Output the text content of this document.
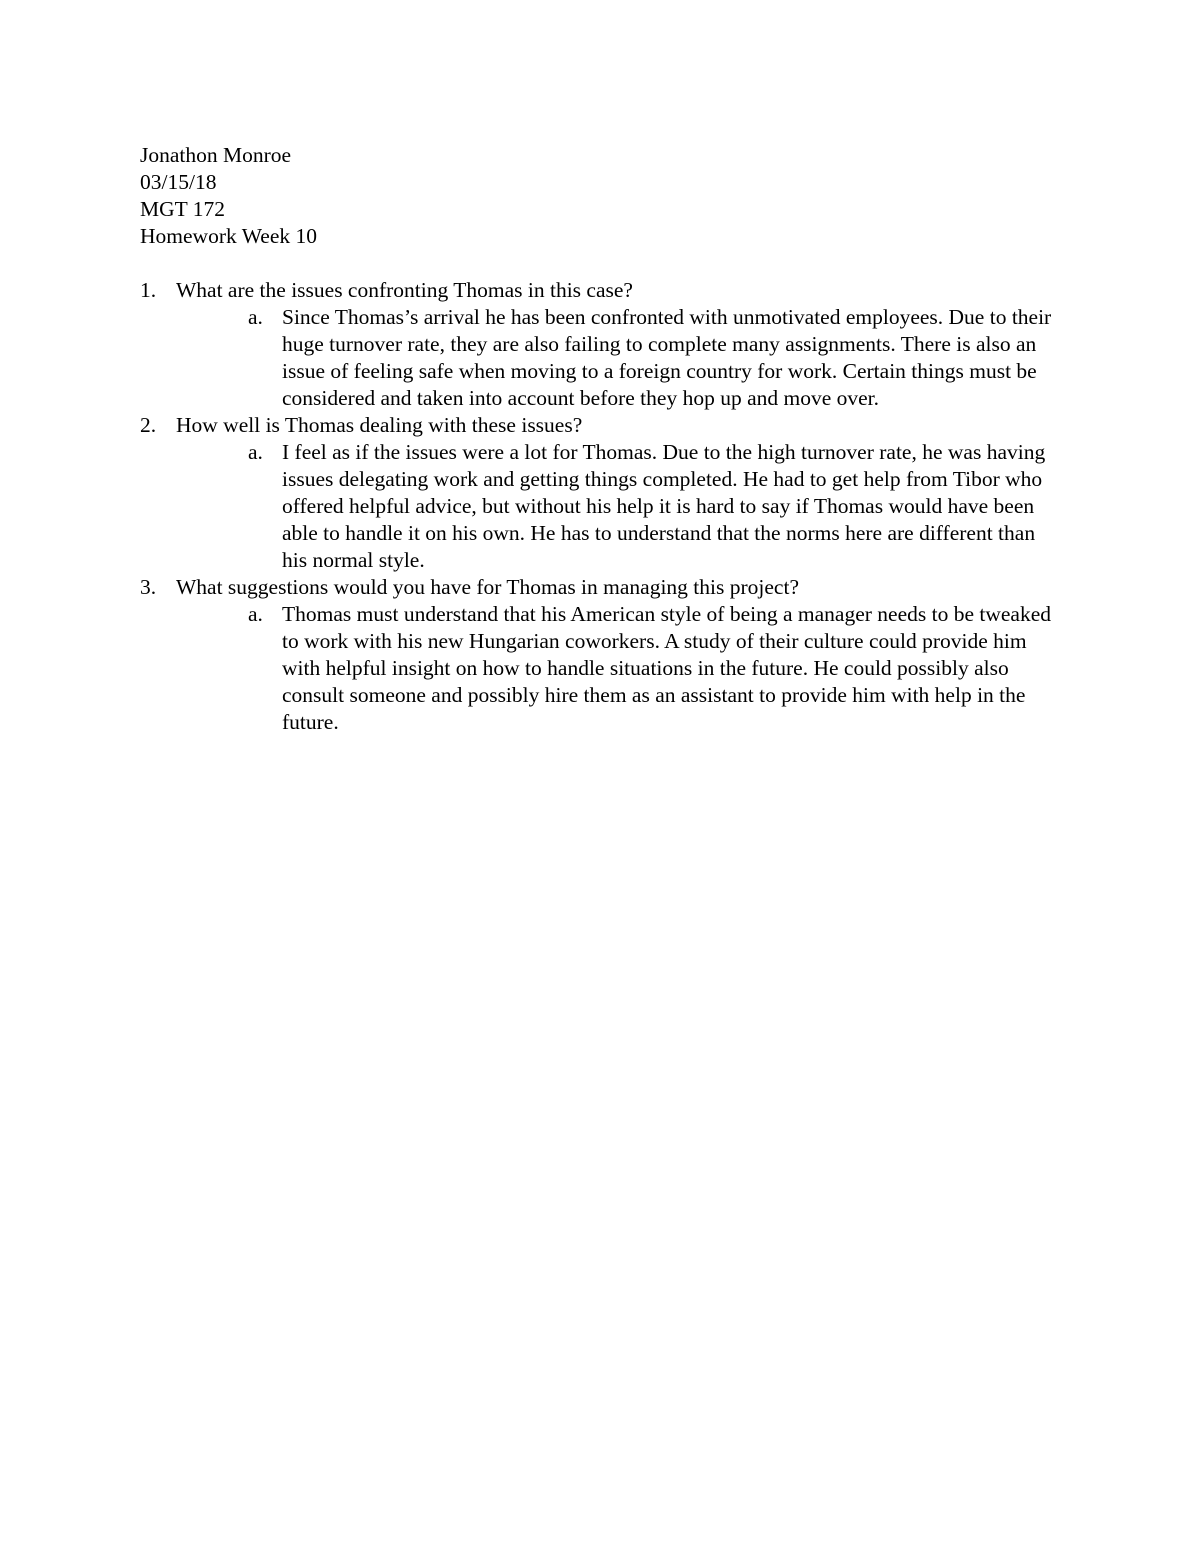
Jonathon Monroe
03/15/18
MGT 172
Homework Week 10
1. What are the issues confronting Thomas in this case?
a. Since Thomas’s arrival he has been confronted with unmotivated employees. Due to their huge turnover rate, they are also failing to complete many assignments. There is also an issue of feeling safe when moving to a foreign country for work. Certain things must be considered and taken into account before they hop up and move over.
2. How well is Thomas dealing with these issues?
a. I feel as if the issues were a lot for Thomas. Due to the high turnover rate, he was having issues delegating work and getting things completed. He had to get help from Tibor who offered helpful advice, but without his help it is hard to say if Thomas would have been able to handle it on his own. He has to understand that the norms here are different than his normal style.
3. What suggestions would you have for Thomas in managing this project?
a. Thomas must understand that his American style of being a manager needs to be tweaked to work with his new Hungarian coworkers. A study of their culture could provide him with helpful insight on how to handle situations in the future. He could possibly also consult someone and possibly hire them as an assistant to provide him with help in the future.
